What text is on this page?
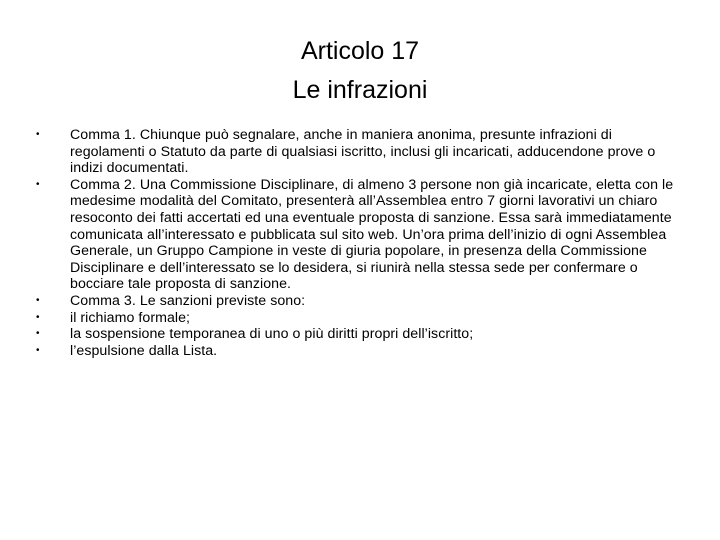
Articolo 17
Le infrazioni
• Comma 1. Chiunque può segnalare, anche in maniera anonima, presunte infrazioni di regolamenti o Statuto da parte di qualsiasi iscritto, inclusi gli incaricati, adducendone prove o indizi documentati.
• Comma 2. Una Commissione Disciplinare, di almeno 3 persone non già incaricate, eletta con le medesime modalità del Comitato, presenterà all’Assemblea entro 7 giorni lavorativi un chiaro resoconto dei fatti accertati ed una eventuale proposta di sanzione. Essa sarà immediatamente comunicata all’interessato e pubblicata sul sito web. Un’ora prima dell’inizio di ogni Assemblea Generale, un Gruppo Campione in veste di giuria popolare, in presenza della Commissione Disciplinare e dell’interessato se lo desidera, si riunirà nella stessa sede per confermare o bocciare tale proposta di sanzione.
• Comma 3. Le sanzioni previste sono:
• il richiamo formale;
• la sospensione temporanea di uno o più diritti propri dell’iscritto;
• l’espulsione dalla Lista.
